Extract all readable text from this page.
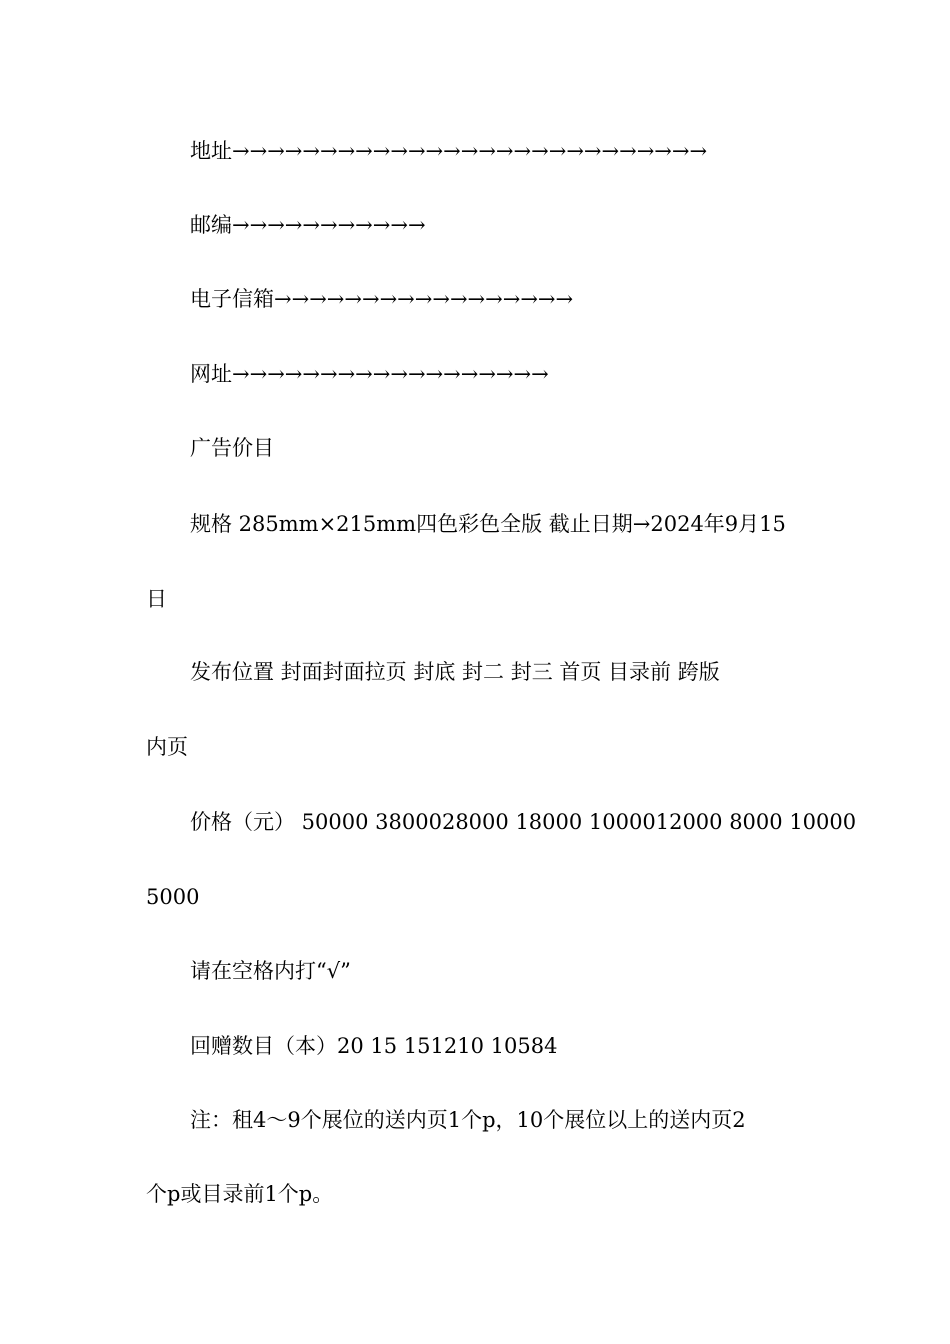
地址→→→→→→→→→→→→→→→→→→→→→→→→→→→
邮编→→→→→→→→→→→
电子信箱→→→→→→→→→→→→→→→→→
网址→→→→→→→→→→→→→→→→→→
广告价目
规格 285mm×215mm四色彩色全版 截止日期→2024年9月15
日
发布位置 封面封面拉页 封底 封二 封三 首页 目录前 跨版
内页
价格（元） 50000 3800028000 18000 1000012000 8000 10000
5000
请在空格内打“√”
回赠数目（本）20 15 151210 10584
注：租4～9个展位的送内页1个p，10个展位以上的送内页2
个p或目录前1个p。
